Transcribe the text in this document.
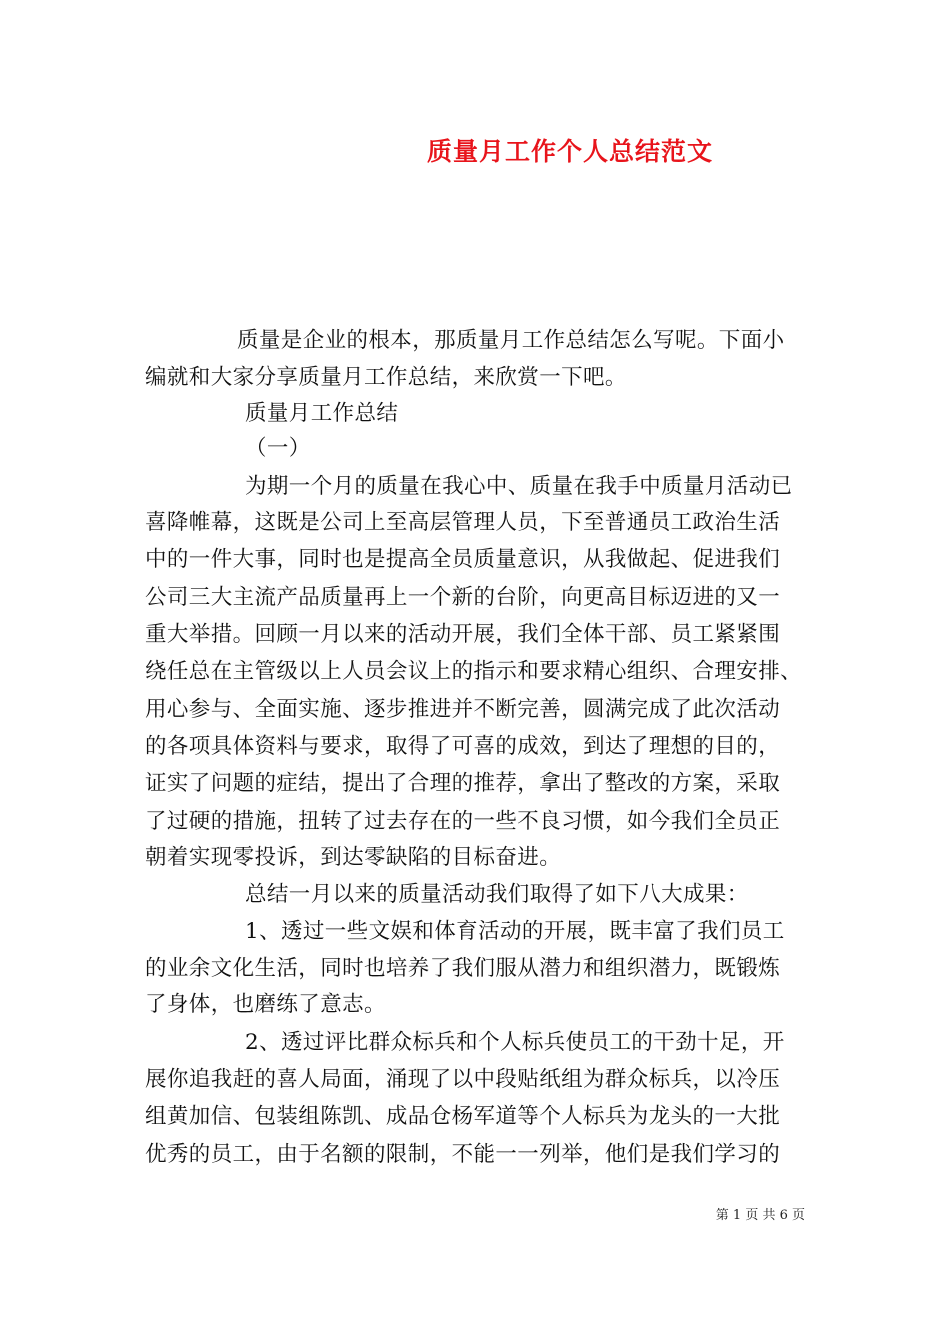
质量月工作个人总结范文
质量是企业的根本，那质量月工作总结怎么写呢。下面小
编就和大家分享质量月工作总结，来欣赏一下吧。
质量月工作总结
（一）
为期一个月的质量在我心中、质量在我手中质量月活动已
喜降帷幕，这既是公司上至高层管理人员，下至普通员工政治生活
中的一件大事，同时也是提高全员质量意识，从我做起、促进我们
公司三大主流产品质量再上一个新的台阶，向更高目标迈进的又一
重大举措。回顾一月以来的活动开展，我们全体干部、员工紧紧围
绕任总在主管级以上人员会议上的指示和要求精心组织、合理安排、
用心参与、全面实施、逐步推进并不断完善，圆满完成了此次活动
的各项具体资料与要求，取得了可喜的成效，到达了理想的目的，
证实了问题的症结，提出了合理的推荐，拿出了整改的方案，采取
了过硬的措施，扭转了过去存在的一些不良习惯，如今我们全员正
朝着实现零投诉，到达零缺陷的目标奋进。
总结一月以来的质量活动我们取得了如下八大成果：
1、透过一些文娱和体育活动的开展，既丰富了我们员工
的业余文化生活，同时也培养了我们服从潜力和组织潜力，既锻炼
了身体，也磨练了意志。
2、透过评比群众标兵和个人标兵使员工的干劲十足，开
展你追我赶的喜人局面，涌现了以中段贴纸组为群众标兵，以冷压
组黄加信、包装组陈凯、成品仓杨军道等个人标兵为龙头的一大批
优秀的员工，由于名额的限制，不能一一列举，他们是我们学习的
第 1 页 共 6 页
